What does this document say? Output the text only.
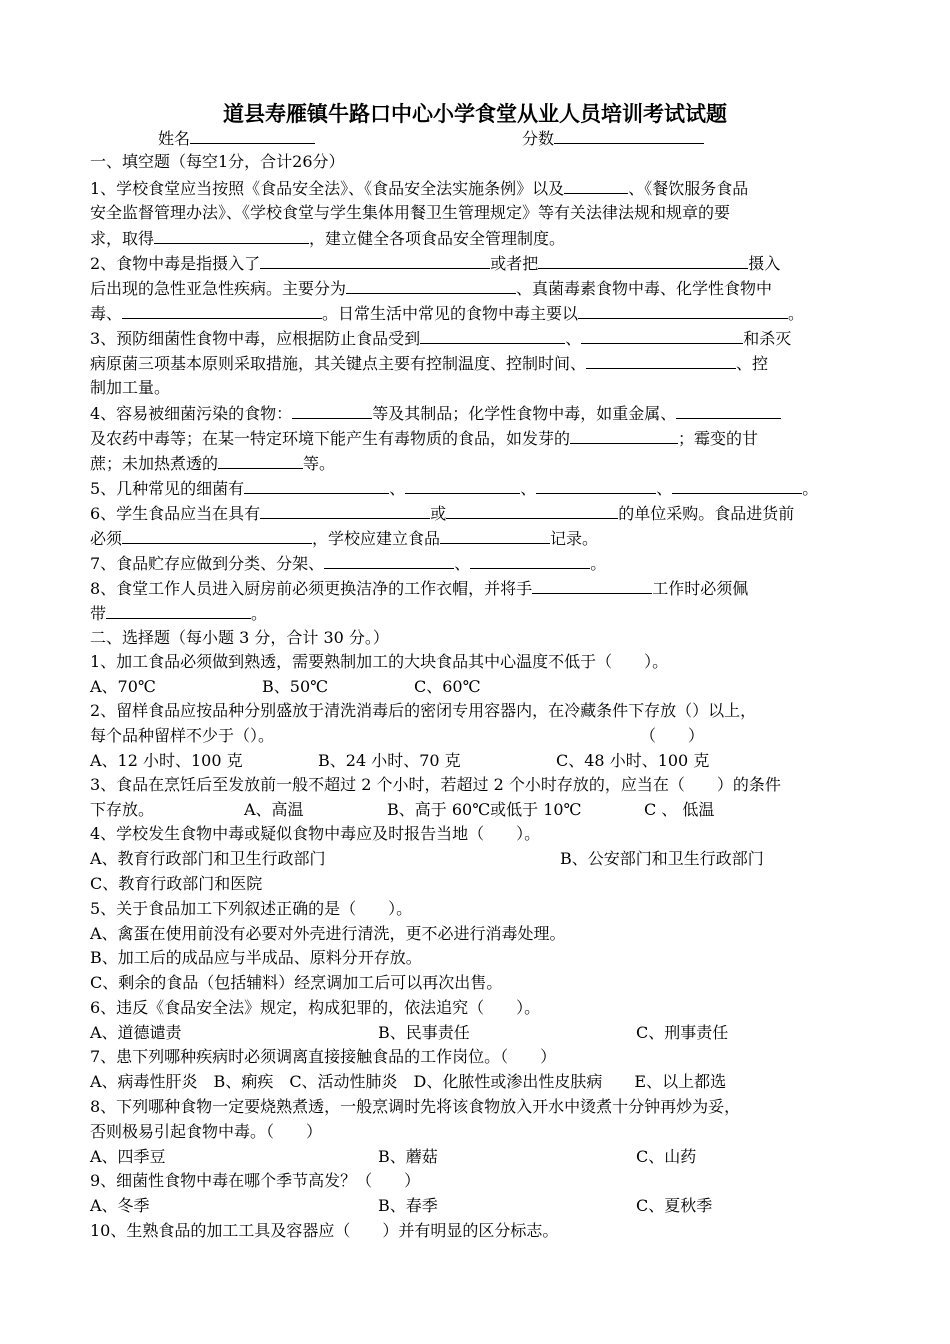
道县寿雁镇牛路口中心小学食堂从业人员培训考试试题
姓名	分数
一、填空题（每空1分，合计26分）
1、学校食堂应当按照《食品安全法》、《食品安全法实施条例》以及	、《餐饮服务食品
安全监督管理办法》、《学校食堂与学生集体用餐卫生管理规定》等有关法律法规和规章的要
求，取得	，建立健全各项食品安全管理制度。
2、食物中毒是指摄入了	或者把	摄入
后出现的急性亚急性疾病。主要分为	、真菌毒素食物中毒、化学性食物中
毒、	。日常生活中常见的食物中毒主要以	。
3、预防细菌性食物中毒，应根据防止食品受到	、	和杀灭
病原菌三项基本原则采取措施，其关键点主要有控制温度、控制时间、	、控
制加工量。
4、容易被细菌污染的食物：	等及其制品；化学性食物中毒，如重金属、
及农药中毒等；在某一特定环境下能产生有毒物质的食品，如发芽的	；霉变的甘
蔗；未加热煮透的	等。
5、几种常见的细菌有	、	、	、	。
6、学生食品应当在具有	或	的单位采购。食品进货前
必须	，学校应建立食品	记录。
7、食品贮存应做到分类、分架、	、	。
8、食堂工作人员进入厨房前必须更换洁净的工作衣帽，并将手	工作时必须佩
带	。
二、选择题（每小题 3 分，合计 30 分。）
1、加工食品必须做到熟透，需要熟制加工的大块食品其中心温度不低于（　　）。
A、70℃	B、50℃	C、60℃
2、留样食品应按品种分别盛放于清洗消毒后的密闭专用容器内，在冷藏条件下存放（）以上，
每个品种留样不少于（）。	（　　）
A、12 小时、100 克	B、24 小时、70 克	C、48 小时、100 克
3、食品在烹饪后至发放前一般不超过 2 个小时，若超过 2 个小时存放的，应当在（　　）的条件
下存放。	A、高温	B、高于 60℃或低于 10℃	C 、 低温
4、学校发生食物中毒或疑似食物中毒应及时报告当地（　　）。
A、教育行政部门和卫生行政部门	B、公安部门和卫生行政部门
C、教育行政部门和医院
5、关于食品加工下列叙述正确的是（　　）。
A、禽蛋在使用前没有必要对外壳进行清洗，更不必进行消毒处理。
B、加工后的成品应与半成品、原料分开存放。
C、剩余的食品（包括辅料）经烹调加工后可以再次出售。
6、违反《食品安全法》规定，构成犯罪的，依法追究（　　）。
A、道德谴责	B、民事责任	C、刑事责任
7、患下列哪种疾病时必须调离直接接触食品的工作岗位。（　　）
A、病毒性肝炎　B、痢疾　C、活动性肺炎　D、化脓性或渗出性皮肤病　　E、以上都选
8、下列哪种食物一定要烧熟煮透，一般烹调时先将该食物放入开水中烫煮十分钟再炒为妥，
否则极易引起食物中毒。（　　）
A、四季豆	B、蘑菇	C、山药
9、细菌性食物中毒在哪个季节高发？（　　）
A、冬季	B、春季	C、夏秋季
10、生熟食品的加工工具及容器应（　　）并有明显的区分标志。
